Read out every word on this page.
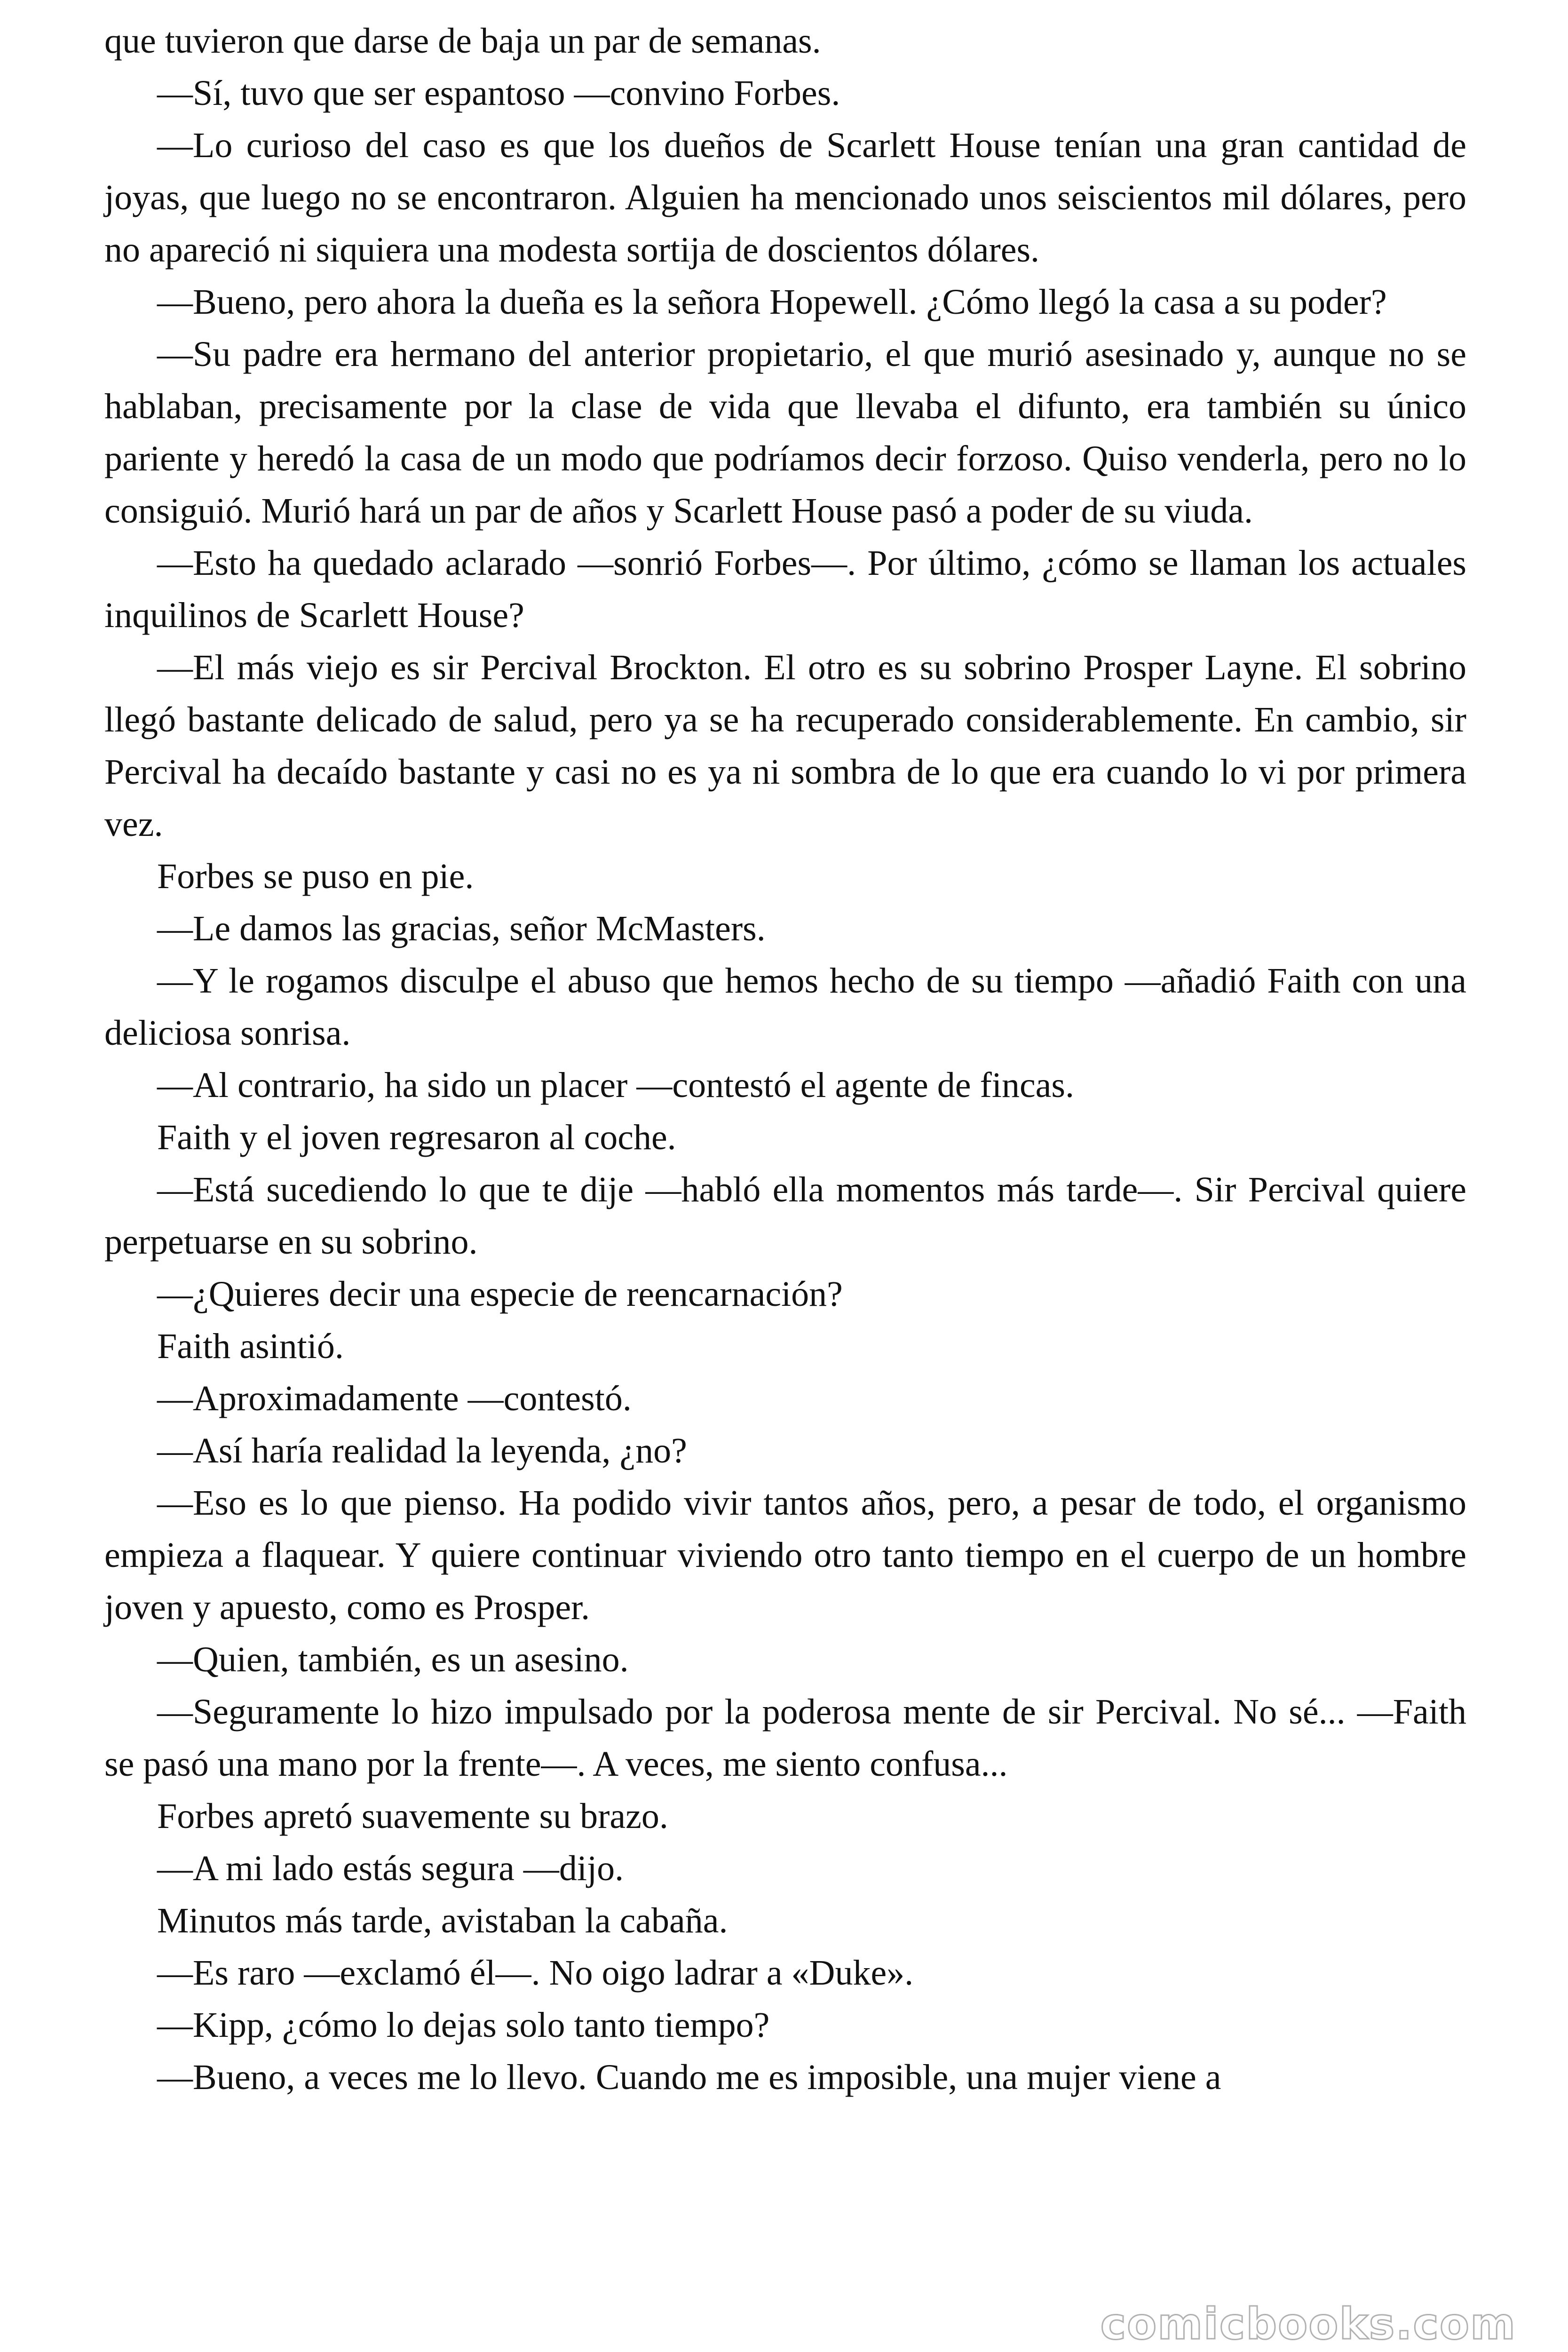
que tuvieron que darse de baja un par de semanas.

—Sí, tuvo que ser espantoso —convino Forbes.

—Lo curioso del caso es que los dueños de Scarlett House tenían una gran cantidad de joyas, que luego no se encontraron. Alguien ha mencionado unos seiscientos mil dólares, pero no apareció ni siquiera una modesta sortija de doscientos dólares.

—Bueno, pero ahora la dueña es la señora Hopewell. ¿Cómo llegó la casa a su poder?

—Su padre era hermano del anterior propietario, el que murió asesinado y, aunque no se hablaban, precisamente por la clase de vida que llevaba el difunto, era también su único pariente y heredó la casa de un modo que podríamos decir forzoso. Quiso venderla, pero no lo consiguió. Murió hará un par de años y Scarlett House pasó a poder de su viuda.

—Esto ha quedado aclarado —sonrió Forbes—. Por último, ¿cómo se llaman los actuales inquilinos de Scarlett House?

—El más viejo es sir Percival Brockton. El otro es su sobrino Prosper Layne. El sobrino llegó bastante delicado de salud, pero ya se ha recuperado considerablemente. En cambio, sir Percival ha decaído bastante y casi no es ya ni sombra de lo que era cuando lo vi por primera vez.

Forbes se puso en pie.

—Le damos las gracias, señor McMasters.

—Y le rogamos disculpe el abuso que hemos hecho de su tiempo —añadió Faith con una deliciosa sonrisa.

—Al contrario, ha sido un placer —contestó el agente de fincas.

Faith y el joven regresaron al coche.

—Está sucediendo lo que te dije —habló ella momentos más tarde—. Sir Percival quiere perpetuarse en su sobrino.

—¿Quieres decir una especie de reencarnación?

Faith asintió.

—Aproximadamente —contestó.

—Así haría realidad la leyenda, ¿no?

—Eso es lo que pienso. Ha podido vivir tantos años, pero, a pesar de todo, el organismo empieza a flaquear. Y quiere continuar viviendo otro tanto tiempo en el cuerpo de un hombre joven y apuesto, como es Prosper.

—Quien, también, es un asesino.

—Seguramente lo hizo impulsado por la poderosa mente de sir Percival. No sé... —Faith se pasó una mano por la frente—. A veces, me siento confusa...

Forbes apretó suavemente su brazo.

—A mi lado estás segura —dijo.

Minutos más tarde, avistaban la cabaña.

—Es raro —exclamó él—. No oigo ladrar a «Duke».

—Kipp, ¿cómo lo dejas solo tanto tiempo?

—Bueno, a veces me lo llevo. Cuando me es imposible, una mujer viene a

comicbooks.com
